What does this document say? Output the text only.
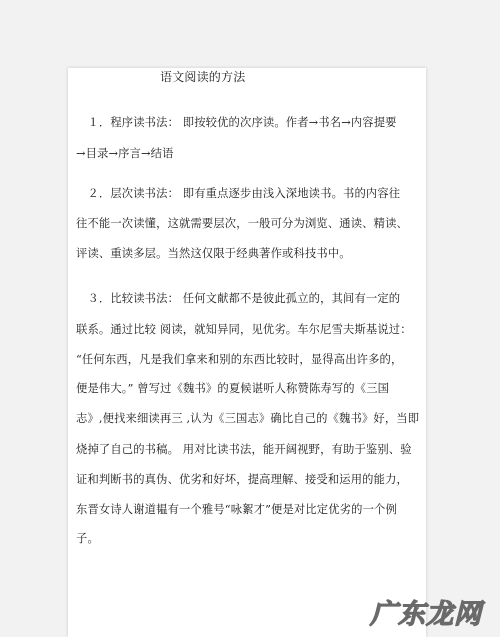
语文阅读的方法
　１．程序读书法： 即按较优的次序读。作者→书名→内容提要
→目录→序言→结语
　２．层次读书法： 即有重点逐步由浅入深地读书。书的内容往
往不能一次读懂，这就需要层次，一般可分为浏览、通读、精读、
评读、重读多层。当然这仅限于经典著作或科技书中。
　３．比较读书法： 任何文献都不是彼此孤立的，其间有一定的
联系。通过比较 阅读，就知异同，见优劣。车尔尼雪夫斯基说过：
“任何东西，凡是我们拿来和别的东西比较时，显得高出许多的，
便是伟大。” 曾写过《魏书》的夏候谌听人称赞陈寿写的《三国
志》,便找来细读再三 ,认为《三国志》确比自己的《魏书》好，当即
烧掉了自己的书稿。 用对比读书法，能开阔视野，有助于鉴别、验
证和判断书的真伪、优劣和好坏，提高理解、接受和运用的能力，
东晋女诗人谢道韫有一个雅号“咏絮才”便是对比定优劣的一个例
子。
广东龙网
